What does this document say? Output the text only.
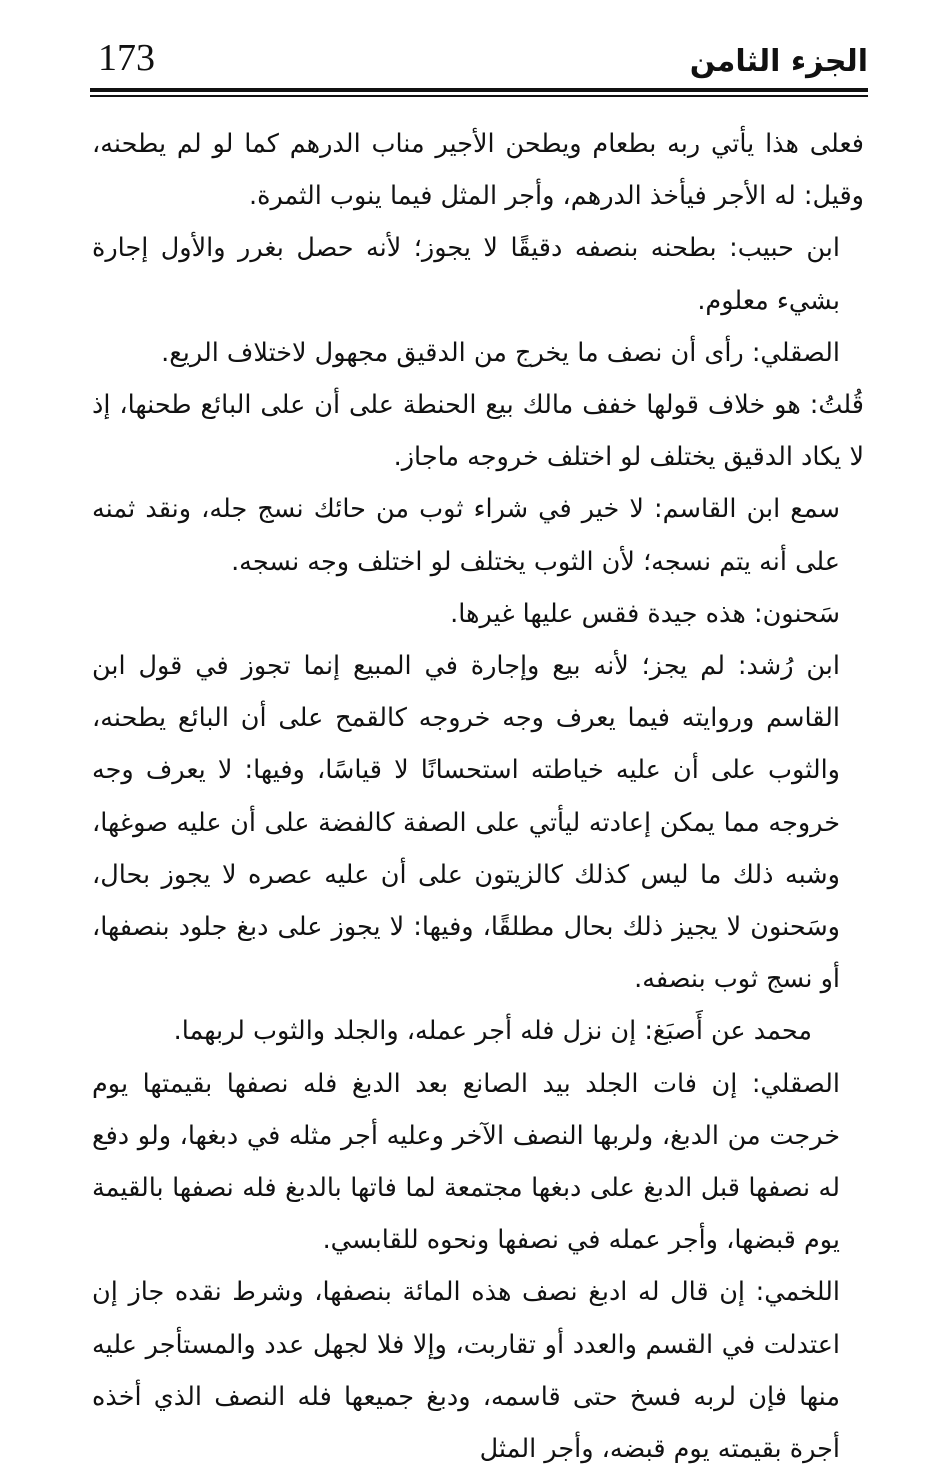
173	الجزء الثامن

فعلى هذا يأتي ربه بطعام ويطحن الأجير مناب الدرهم كما لو لم يطحنه، وقيل: له الأجر فيأخذ الدرهم، وأجر المثل فيما ينوب الثمرة.

ابن حبيب: بطحنه بنصفه دقيقًا لا يجوز؛ لأنه حصل بغرر والأول إجارة بشيء معلوم.

الصقلي: رأى أن نصف ما يخرج من الدقيق مجهول لاختلاف الريع.

قُلتُ: هو خلاف قولها خفف مالك بيع الحنطة على أن على البائع طحنها، إذ لا يكاد الدقيق يختلف لو اختلف خروجه ماجاز.

سمع ابن القاسم: لا خير في شراء ثوب من حائك نسج جله، ونقد ثمنه على أنه يتم نسجه؛ لأن الثوب يختلف لو اختلف وجه نسجه.

سَحنون: هذه جيدة فقس عليها غيرها.

ابن رُشد: لم يجز؛ لأنه بيع وإجارة في المبيع إنما تجوز في قول ابن القاسم وروايته فيما يعرف وجه خروجه كالقمح على أن البائع يطحنه، والثوب على أن عليه خياطته استحسانًا لا قياسًا، وفيها: لا يعرف وجه خروجه مما يمكن إعادته ليأتي على الصفة كالفضة على أن عليه صوغها، وشبه ذلك ما ليس كذلك كالزيتون على أن عليه عصره لا يجوز بحال، وسَحنون لا يجيز ذلك بحال مطلقًا، وفيها: لا يجوز على دبغ جلود بنصفها، أو نسج ثوب بنصفه.

محمد عن أَصبَغ: إن نزل فله أجر عمله، والجلد والثوب لربهما.

الصقلي: إن فات الجلد بيد الصانع بعد الدبغ فله نصفها بقيمتها يوم خرجت من الدبغ، ولربها النصف الآخر وعليه أجر مثله في دبغها، ولو دفع له نصفها قبل الدبغ على دبغها مجتمعة لما فاتها بالدبغ فله نصفها بالقيمة يوم قبضها، وأجر عمله في نصفها ونحوه للقابسي.

اللخمي: إن قال له ادبغ نصف هذه المائة بنصفها، وشرط نقده جاز إن اعتدلت في القسم والعدد أو تقاربت، وإلا فلا لجهل عدد والمستأجر عليه منها فإن لربه فسخ حتى قاسمه، ودبغ جميعها فله النصف الذي أخذه أجرة بقيمته يوم قبضه، وأجر المثل
